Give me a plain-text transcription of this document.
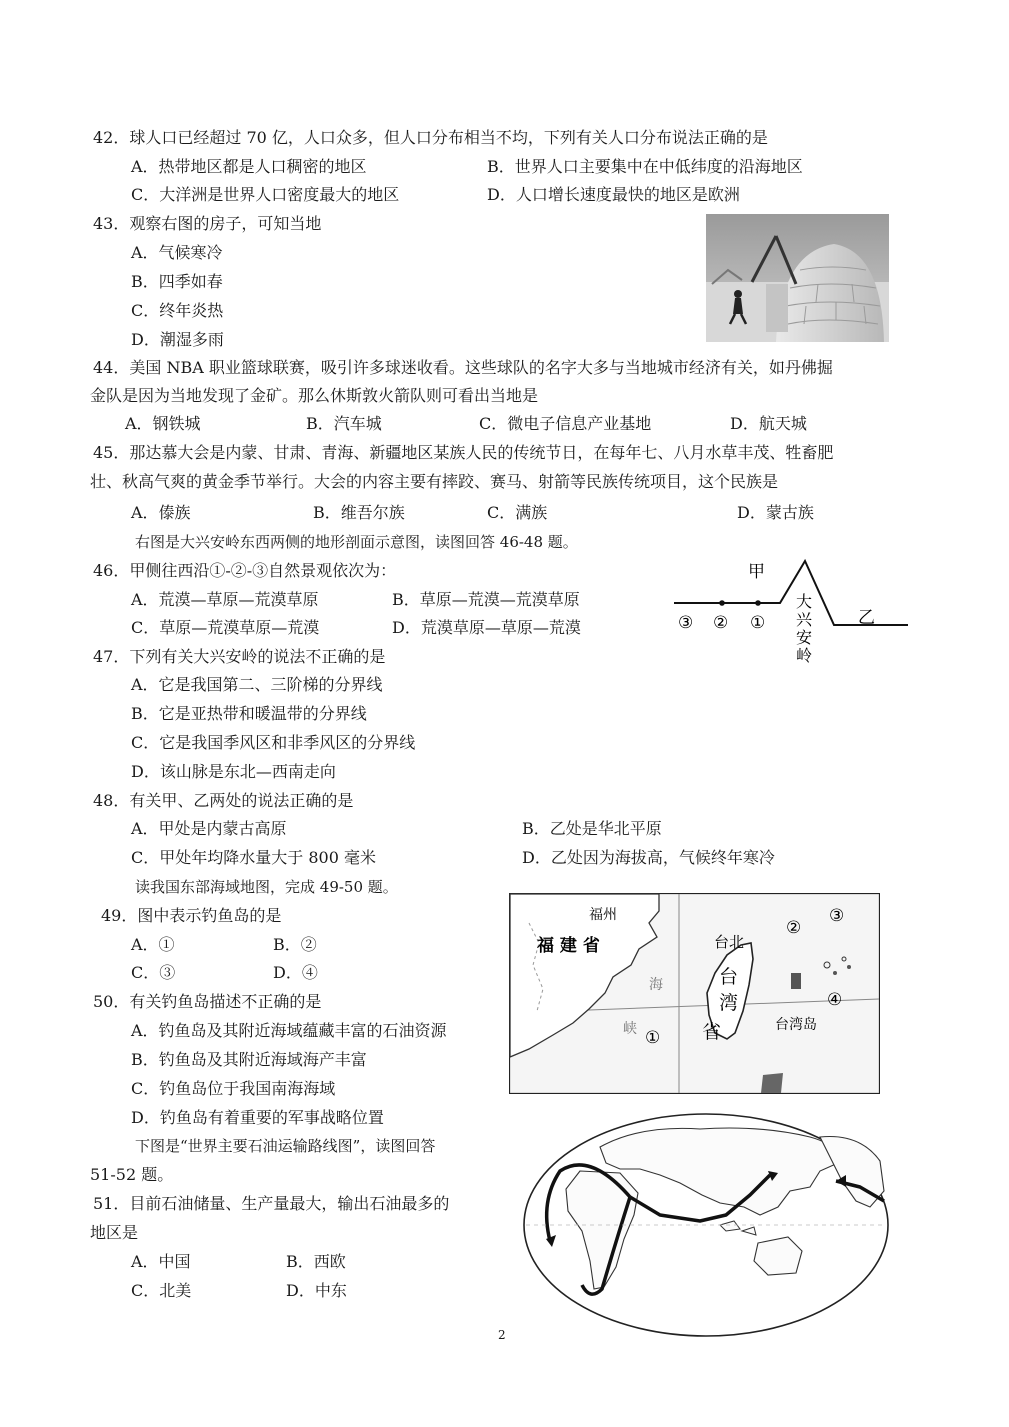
42．球人口已经超过 70 亿，人口众多，但人口分布相当不均，下列有关人口分布说法正确的是
A．热带地区都是人口稠密的地区	B．世界人口主要集中在中低纬度的沿海地区
C．大洋洲是世界人口密度最大的地区	D．人口增长速度最快的地区是欧洲
43．观察右图的房子，可知当地
A．气候寒冷
B．四季如春
C．终年炎热
D．潮湿多雨
44．美国 NBA 职业篮球联赛，吸引许多球迷收看。这些球队的名字大多与当地城市经济有关，如丹佛掘
金队是因为当地发现了金矿。那么休斯敦火箭队则可看出当地是
A．钢铁城	B．汽车城	C．微电子信息产业基地	D．航天城
45．那达慕大会是内蒙、甘肃、青海、新疆地区某族人民的传统节日，在每年七、八月水草丰茂、牲畜肥
壮、秋高气爽的黄金季节举行。大会的内容主要有摔跤、赛马、射箭等民族传统项目，这个民族是
A．傣族	B．维吾尔族	C．满族	D．蒙古族
右图是大兴安岭东西两侧的地形剖面示意图，读图回答 46-48 题。
46．甲侧往西沿①-②-③自然景观依次为：
A．荒漠—草原—荒漠草原	B．草原—荒漠—荒漠草原
C．草原—荒漠草原—荒漠	D．荒漠草原—草原—荒漠
甲
乙
③ ② ①
大
兴
安
岭
47．下列有关大兴安岭的说法不正确的是
A．它是我国第二、三阶梯的分界线
B．它是亚热带和暖温带的分界线
C．它是我国季风区和非季风区的分界线
D．该山脉是东北—西南走向
48．有关甲、乙两处的说法正确的是
A．甲处是内蒙古高原	B．乙处是华北平原
C．甲处年均降水量大于 800 毫米	D．乙处因为海拔高，气候终年寒冷
读我国东部海域地图，完成 49-50 题。
49．图中表示钓鱼岛的是
A．①	B．②
C．③	D．④
福州
福 建 省	台北
台
湾
省	台湾岛
海
峡 ①
②
③
④
50．有关钓鱼岛描述不正确的是
A．钓鱼岛及其附近海域蕴藏丰富的石油资源
B．钓鱼岛及其附近海域海产丰富
C．钓鱼岛位于我国南海海域
D．钓鱼岛有着重要的军事战略位置
下图是“世界主要石油运输路线图”，读图回答
51-52 题。
51．目前石油储量、生产量最大，输出石油最多的
地区是
A．中国	B．西欧
C．北美	D．中东
2
